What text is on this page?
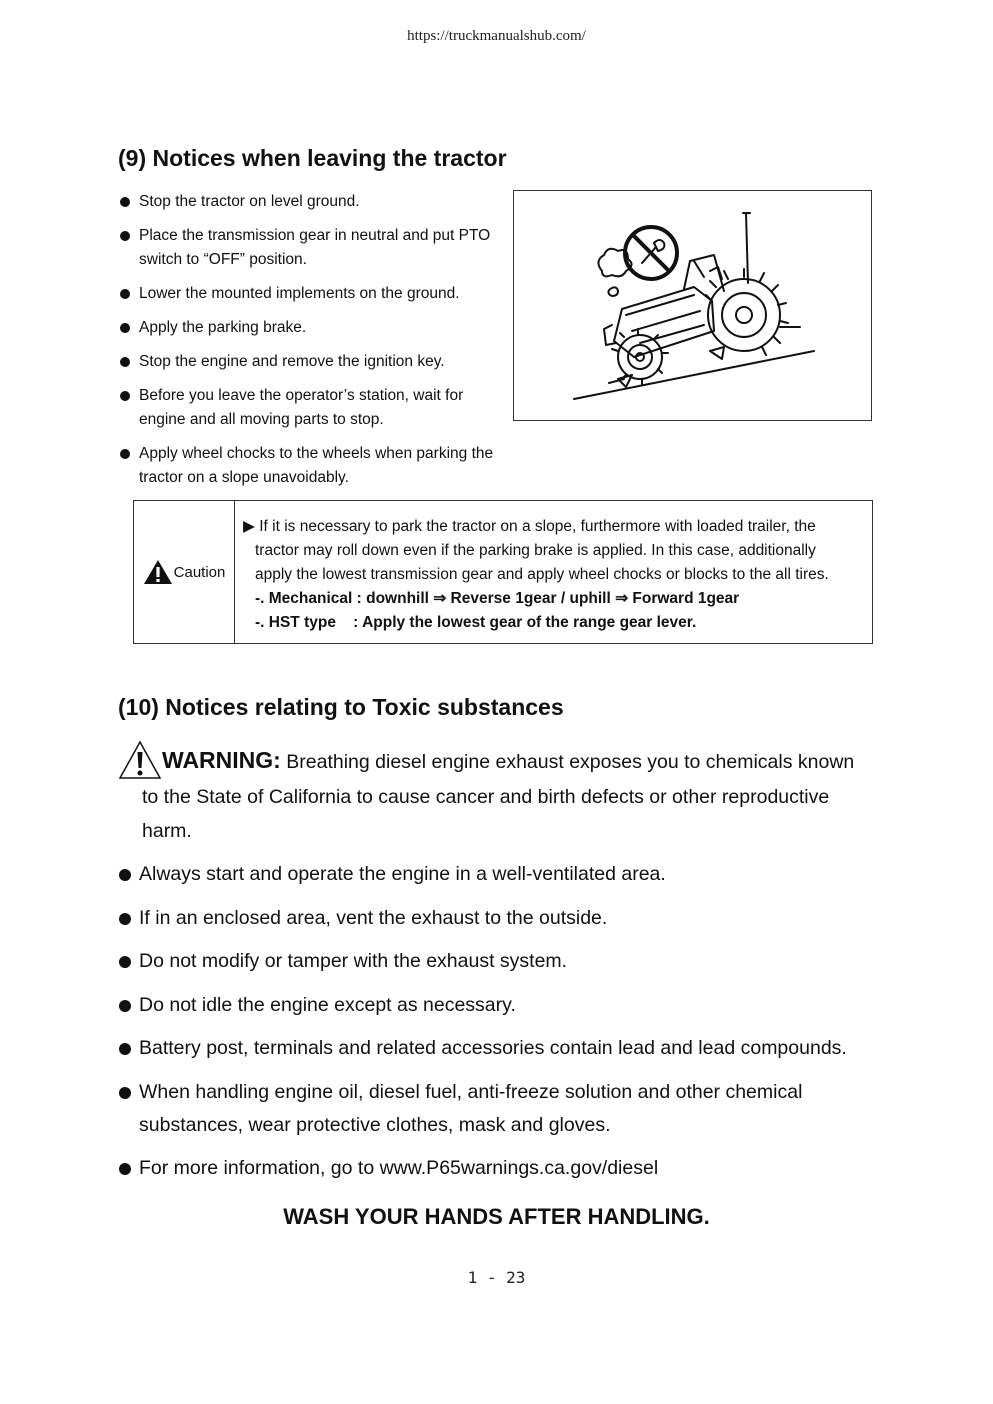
https://truckmanualshub.com/
(9) Notices when leaving the tractor
Stop the tractor on level ground.
Place the transmission gear in neutral and put PTO switch to “OFF” position.
Lower the mounted implements on the ground.
Apply the parking brake.
Stop the engine and remove the ignition key.
Before you leave the operator’s station, wait for engine and all moving parts to stop.
Apply wheel chocks to the wheels when parking the tractor on a slope unavoidably.
Caution
▶ If it is necessary to park the tractor on a slope, furthermore with loaded trailer, the
tractor may roll down even if the parking brake is applied. In this case, additionally
apply the lowest transmission gear and apply wheel chocks or blocks to the all tires.
-. Mechanical : downhill ⇒ Reverse 1gear / uphill ⇒ Forward 1gear
-. HST type    : Apply the lowest gear of the range gear lever.
(10) Notices relating to Toxic substances
WARNING: Breathing diesel engine exhaust exposes you to chemicals known
to the State of California to cause cancer and birth defects or other reproductive
harm.
Always start and operate the engine in a well-ventilated area.
If in an enclosed area, vent the exhaust to the outside.
Do not modify or tamper with the exhaust system.
Do not idle the engine except as necessary.
Battery post, terminals and related accessories contain lead and lead compounds.
When handling engine oil, diesel fuel, anti-freeze solution and other chemical substances, wear protective clothes, mask and gloves.
For more information, go to www.P65warnings.ca.gov/diesel
WASH YOUR HANDS AFTER HANDLING.
1 - 23
